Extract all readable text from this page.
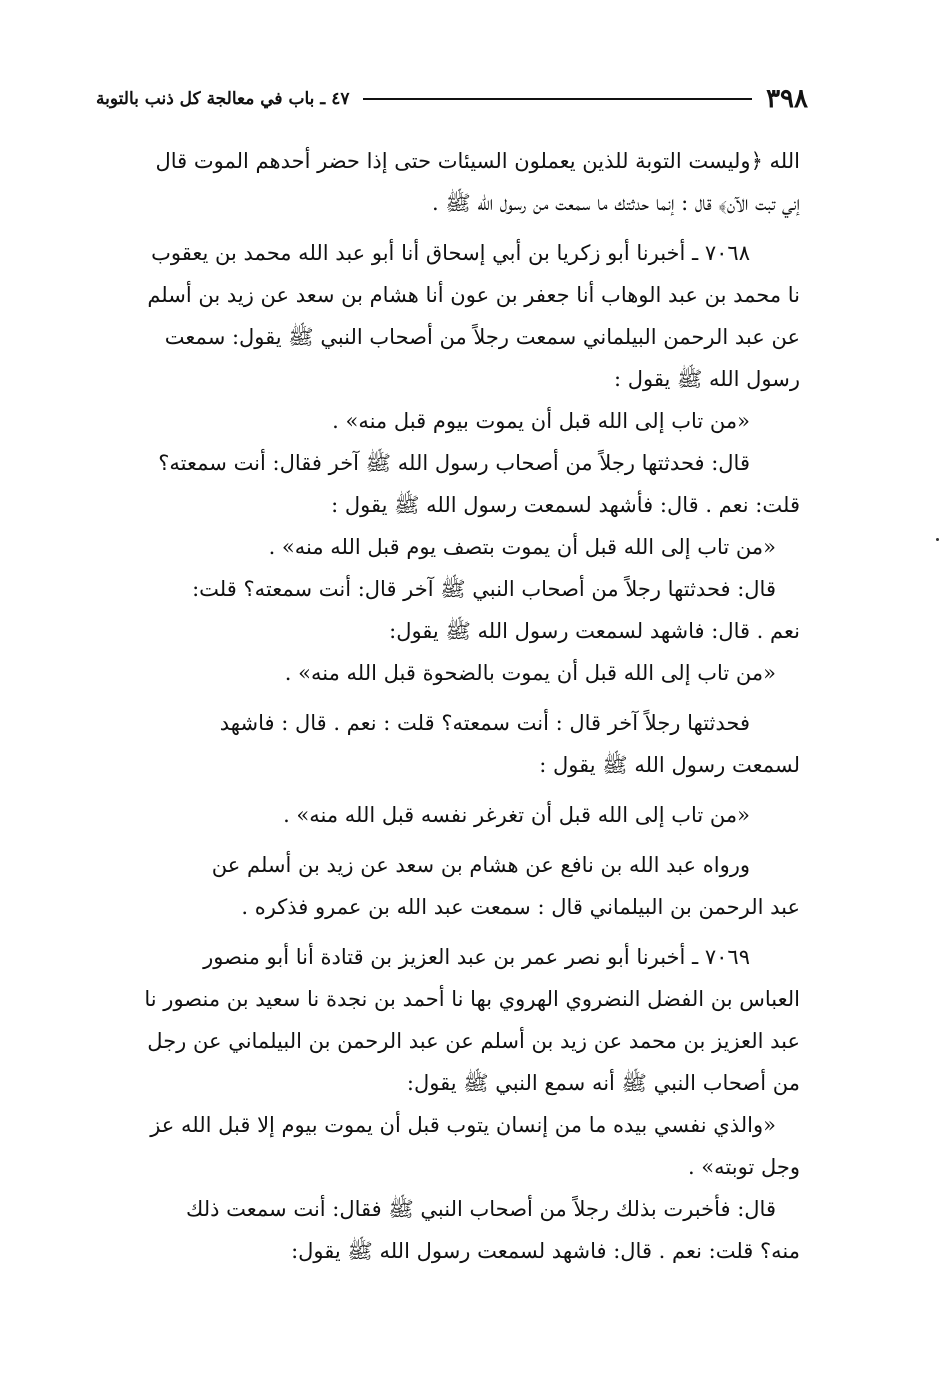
٣٩٨
٤٧ ـ باب في معالجة كل ذنب بالتوبة
الله ﴿وليست التوبة للذين يعملون السيئات حتى إذا حضر أحدهم الموت قال
إني تبت الآن﴾ قال : إنما حدثتك ما سمعت من رسول الله ﷺ .
٧٠٦٨ ـ أخبرنا أبو زكريا بن أبي إسحاق أنا أبو عبد الله محمد بن يعقوب
نا محمد بن عبد الوهاب أنا جعفر بن عون أنا هشام بن سعد عن زيد بن أسلم
عن عبد الرحمن البيلماني سمعت رجلاً من أصحاب النبي ﷺ يقول: سمعت
رسول الله ﷺ يقول :
«من تاب إلى الله قبل أن يموت بيوم قبل منه» .
قال: فحدثتها رجلاً من أصحاب رسول الله ﷺ آخر فقال: أنت سمعته؟
قلت: نعم . قال: فأشهد لسمعت رسول الله ﷺ يقول :
«من تاب إلى الله قبل أن يموت بتصف يوم قبل الله منه» .
قال: فحدثتها رجلاً من أصحاب النبي ﷺ آخر قال: أنت سمعته؟ قلت:
نعم . قال: فاشهد لسمعت رسول الله ﷺ يقول:
«من تاب إلى الله قبل أن يموت بالضحوة قبل الله منه» .
فحدثتها رجلاً آخر قال : أنت سمعته؟ قلت : نعم . قال : فاشهد
لسمعت رسول الله ﷺ يقول :
«من تاب إلى الله قبل أن تغرغر نفسه قبل الله منه» .
ورواه عبد الله بن نافع عن هشام بن سعد عن زيد بن أسلم عن
عبد الرحمن بن البيلماني قال : سمعت عبد الله بن عمرو فذكره .
٧٠٦٩ ـ أخبرنا أبو نصر عمر بن عبد العزيز بن قتادة أنا أبو منصور
العباس بن الفضل النضروي الهروي بها نا أحمد بن نجدة نا سعيد بن منصور نا
عبد العزيز بن محمد عن زيد بن أسلم عن عبد الرحمن بن البيلماني عن رجل
من أصحاب النبي ﷺ أنه سمع النبي ﷺ يقول:
«والذي نفسي بيده ما من إنسان يتوب قبل أن يموت بيوم إلا قبل الله عز
وجل توبته» .
قال: فأخبرت بذلك رجلاً من أصحاب النبي ﷺ فقال: أنت سمعت ذلك
منه؟ قلت: نعم . قال: فاشهد لسمعت رسول الله ﷺ يقول:
